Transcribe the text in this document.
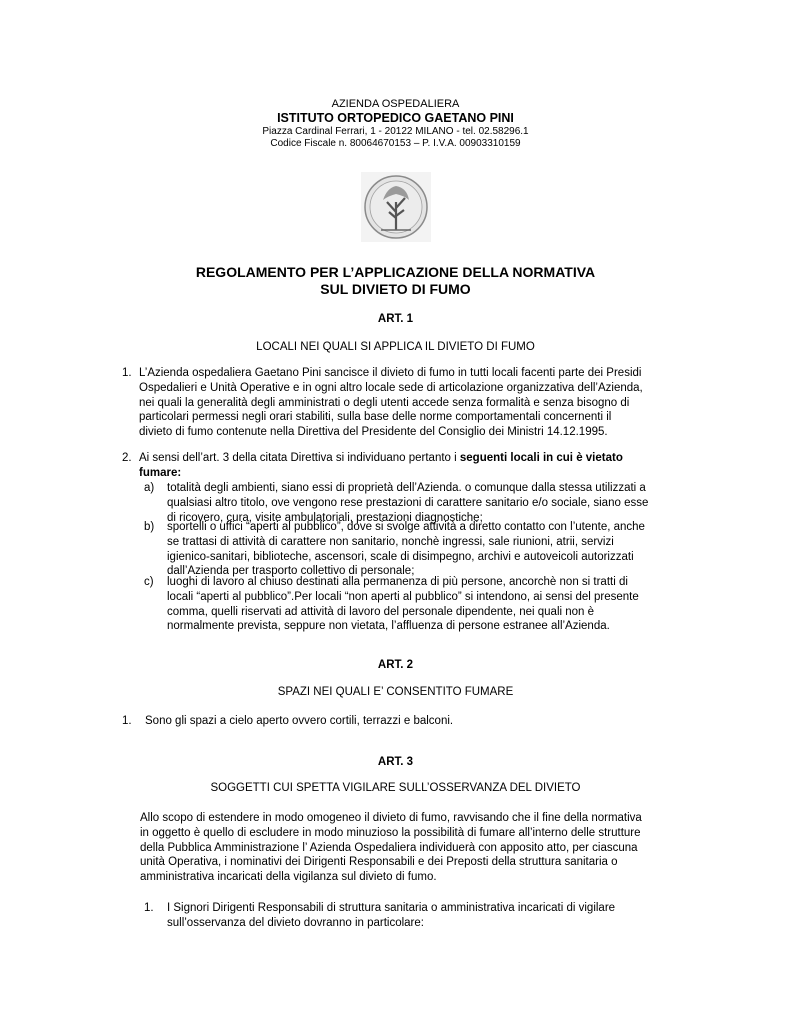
AZIENDA OSPEDALIERA
ISTITUTO ORTOPEDICO GAETANO PINI
Piazza Cardinal Ferrari, 1 - 20122 MILANO - tel. 02.58296.1
Codice Fiscale n. 80064670153 – P. I.V.A. 00903310159
REGOLAMENTO PER L’APPLICAZIONE DELLA NORMATIVA
SUL DIVIETO DI FUMO
ART. 1
LOCALI NEI QUALI SI APPLICA IL DIVIETO DI FUMO
1. L’Azienda ospedaliera Gaetano Pini sancisce il divieto di fumo in tutti locali facenti parte dei Presidi
Ospedalieri e Unità Operative e in ogni altro locale sede di articolazione organizzativa dell’Azienda,
nei quali la generalità degli amministrati o degli utenti accede senza formalità e senza bisogno di
particolari permessi negli orari stabiliti, sulla base delle norme comportamentali concernenti il
divieto di fumo contenute nella Direttiva del Presidente del Consiglio dei Ministri 14.12.1995.
2. Ai sensi dell’art. 3 della citata Direttiva si individuano pertanto i seguenti locali in cui è vietato
fumare:
a) totalità degli ambienti, siano essi di proprietà dell’Azienda. o comunque dalla stessa utilizzati a
qualsiasi altro titolo, ove vengono rese prestazioni di carattere sanitario e/o sociale, siano esse
di ricovero, cura, visite ambulatoriali, prestazioni diagnostiche;
b) sportelli o uffici “aperti al pubblico”, dove si svolge attività a diretto contatto con l’utente, anche
se trattasi di attività di carattere non sanitario, nonchè ingressi, sale riunioni, atrii, servizi
igienico-sanitari, biblioteche, ascensori, scale di disimpegno, archivi e autoveicoli autorizzati
dall’Azienda per trasporto collettivo di personale;
c) luoghi di lavoro al chiuso destinati alla permanenza di più persone, ancorchè non si tratti di
locali “aperti al pubblico”.Per locali “non aperti al pubblico” si intendono, ai sensi del presente
comma, quelli riservati ad attività di lavoro del personale dipendente, nei quali non è
normalmente prevista, seppure non vietata, l’affluenza di persone estranee all’Azienda.
ART. 2
SPAZI NEI QUALI E’ CONSENTITO FUMARE
1. Sono gli spazi a cielo aperto ovvero cortili, terrazzi e balconi.
ART. 3
SOGGETTI CUI SPETTA VIGILARE SULL’OSSERVANZA DEL DIVIETO
Allo scopo di estendere in modo omogeneo il divieto di fumo, ravvisando che il fine della normativa
in oggetto è quello di escludere in modo minuzioso la possibilità di fumare all’interno delle strutture
della Pubblica Amministrazione l’ Azienda Ospedaliera individuerà con apposito atto, per ciascuna
unità Operativa, i nominativi dei Dirigenti Responsabili e dei Preposti della struttura sanitaria o
amministrativa incaricati della vigilanza sul divieto di fumo.
1. I Signori Dirigenti Responsabili di struttura sanitaria o amministrativa incaricati di vigilare
sull’osservanza del divieto dovranno in particolare:
